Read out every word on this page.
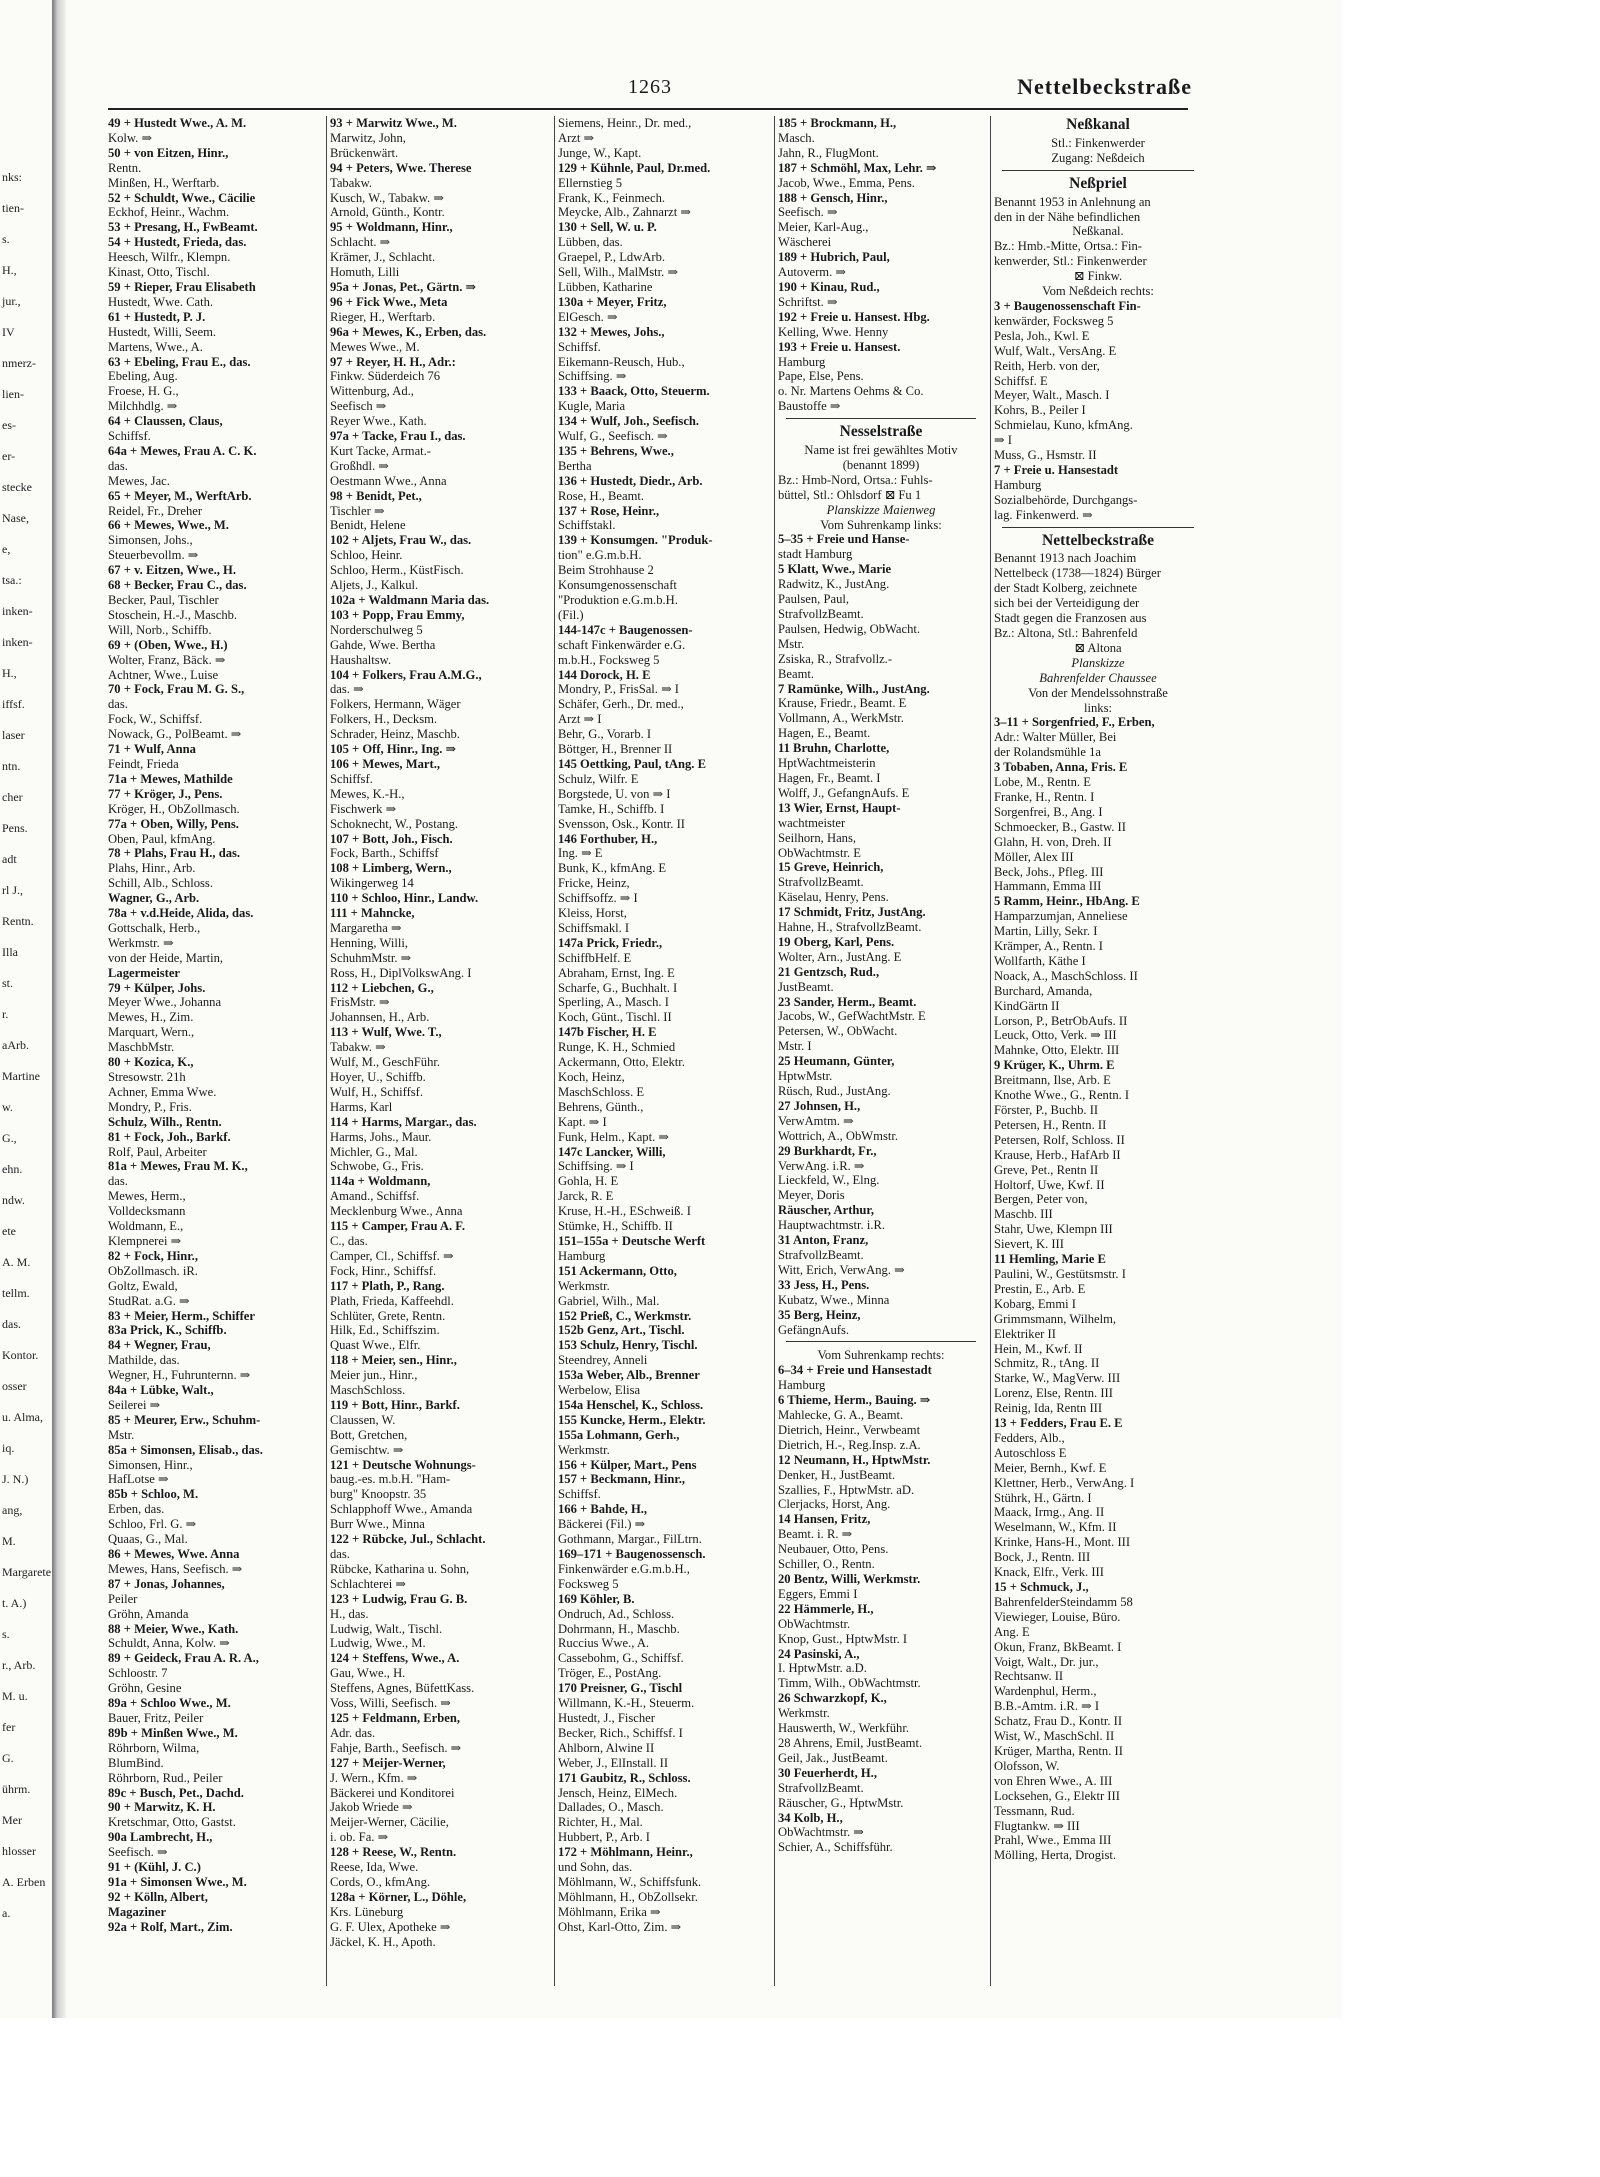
nks:
tien-
s.
H.,
jur.,
IV
nmerz-
lien-
es-
er-
stecke
Nase,
e,
tsa.:
inken-
inken-
H.,
iffsf.
laser
ntn.
cher
Pens.
adt
rl J.,
Rentn.
Illa
st.
r.
aArb.
Martine
w.
G.,
ehn.
ndw.
ete
A. M.
tellm.
das.
Kontor.
osser
u. Alma,
iq.
J. N.)
ang,
M.
Margarete
t. A.)
s.
r., Arb.
M. u.
fer
G.
ührm.
Mer
hlosser
A. Erben
a.
1263	Nettelbeckstraße
49 + Hustedt Wwe., A. M.
Kolw. ⇒
50 + von Eitzen, Hinr.,
Rentn.
Minßen, H., Werftarb.
52 + Schuldt, Wwe., Cäcilie
Eckhof, Heinr., Wachm.
53 + Presang, H., FwBeamt.
54 + Hustedt, Frieda, das.
Heesch, Wilfr., Klempn.
Kinast, Otto, Tischl.
59 + Rieper, Frau Elisabeth
Hustedt, Wwe. Cath.
61 + Hustedt, P. J.
Hustedt, Willi, Seem.
Martens, Wwe., A.
63 + Ebeling, Frau E., das.
Ebeling, Aug.
Froese, H. G.,
Milchhdlg. ⇒
64 + Claussen, Claus,
Schiffsf.
64a + Mewes, Frau A. C. K.
das.
Mewes, Jac.
65 + Meyer, M., WerftArb.
Reidel, Fr., Dreher
66 + Mewes, Wwe., M.
Simonsen, Johs.,
Steuerbevollm. ⇒
67 + v. Eitzen, Wwe., H.
68 + Becker, Frau C., das.
Becker, Paul, Tischler
Stoschein, H.-J., Maschb.
Will, Norb., Schiffb.
69 + (Oben, Wwe., H.)
Wolter, Franz, Bäck. ⇒
Achtner, Wwe., Luise
70 + Fock, Frau M. G. S.,
das.
Fock, W., Schiffsf.
Nowack, G., PolBeamt. ⇒
71 + Wulf, Anna
Feindt, Frieda
71a + Mewes, Mathilde
77 + Kröger, J., Pens.
Kröger, H., ObZollmasch.
77a + Oben, Willy, Pens.
Oben, Paul, kfmAng.
78 + Plahs, Frau H., das.
Plahs, Hinr., Arb.
Schill, Alb., Schloss.
Wagner, G., Arb.
78a + v.d.Heide, Alida, das.
Gottschalk, Herb.,
Werkmstr. ⇒
von der Heide, Martin,
Lagermeister
79 + Külper, Johs.
Meyer Wwe., Johanna
Mewes, H., Zim.
Marquart, Wern.,
MaschbMstr.
80 + Kozica, K.,
Stresowstr. 21h
Achner, Emma Wwe.
Mondry, P., Fris.
Schulz, Wilh., Rentn.
81 + Fock, Joh., Barkf.
Rolf, Paul, Arbeiter
81a + Mewes, Frau M. K.,
das.
Mewes, Herm.,
Volldecksmann
Woldmann, E.,
Klempnerei ⇒
82 + Fock, Hinr.,
ObZollmasch. iR.
Goltz, Ewald,
StudRat. a.G. ⇒
83 + Meier, Herm., Schiffer
83a Prick, K., Schiffb.
84 + Wegner, Frau,
Mathilde, das.
Wegner, H., Fuhrunternn. ⇒
84a + Lübke, Walt.,
Seilerei ⇒
85 + Meurer, Erw., Schuhm-
Mstr.
85a + Simonsen, Elisab., das.
Simonsen, Hinr.,
HafLotse ⇒
85b + Schloo, M.
Erben, das.
Schloo, Frl. G. ⇒
Quaas, G., Mal.
86 + Mewes, Wwe. Anna
Mewes, Hans, Seefisch. ⇒
87 + Jonas, Johannes,
Peiler
Gröhn, Amanda
88 + Meier, Wwe., Kath.
Schuldt, Anna, Kolw. ⇒
89 + Geideck, Frau A. R. A.,
Schloostr. 7
Gröhn, Gesine
89a + Schloo Wwe., M.
Bauer, Fritz, Peiler
89b + Minßen Wwe., M.
Röhrborn, Wilma,
BlumBind.
Röhrborn, Rud., Peiler
89c + Busch, Pet., Dachd.
90 + Marwitz, K. H.
Kretschmar, Otto, Gastst.
90a Lambrecht, H.,
Seefisch. ⇒
91 + (Kühl, J. C.)
91a + Simonsen Wwe., M.
92 + Kölln, Albert,
Magaziner
92a + Rolf, Mart., Zim.
93 + Marwitz Wwe., M.
Marwitz, John,
Brückenwärt.
94 + Peters, Wwe. Therese
Tabakw.
Kusch, W., Tabakw. ⇒
Arnold, Günth., Kontr.
95 + Woldmann, Hinr.,
Schlacht. ⇒
Krämer, J., Schlacht.
Homuth, Lilli
95a + Jonas, Pet., Gärtn. ⇒
96 + Fick Wwe., Meta
Rieger, H., Werftarb.
96a + Mewes, K., Erben, das.
Mewes Wwe., M.
97 + Reyer, H. H., Adr.:
Finkw. Süderdeich 76
Wittenburg, Ad.,
Seefisch ⇒
Reyer Wwe., Kath.
97a + Tacke, Frau I., das.
Kurt Tacke, Armat.-
Großhdl. ⇒
Oestmann Wwe., Anna
98 + Benidt, Pet.,
Tischler ⇒
Benidt, Helene
102 + Aljets, Frau W., das.
Schloo, Heinr.
Schloo, Herm., KüstFisch.
Aljets, J., Kalkul.
102a + Waldmann Maria das.
103 + Popp, Frau Emmy,
Norderschulweg 5
Gahde, Wwe. Bertha
Haushaltsw.
104 + Folkers, Frau A.M.G.,
das. ⇒
Folkers, Hermann, Wäger
Folkers, H., Decksm.
Schrader, Heinz, Maschb.
105 + Off, Hinr., Ing. ⇒
106 + Mewes, Mart.,
Schiffsf.
Mewes, K.-H.,
Fischwerk ⇒
Schoknecht, W., Postang.
107 + Bott, Joh., Fisch.
Fock, Barth., Schiffsf
108 + Limberg, Wern.,
Wikingerweg 14
110 + Schloo, Hinr., Landw.
111 + Mahncke,
Margaretha ⇒
Henning, Willi,
SchuhmMstr. ⇒
Ross, H., DiplVolkswAng. I
112 + Liebchen, G.,
FrisMstr. ⇒
Johannsen, H., Arb.
113 + Wulf, Wwe. T.,
Tabakw. ⇒
Wulf, M., GeschFühr.
Hoyer, U., Schiffb.
Wulf, H., Schiffsf.
Harms, Karl
114 + Harms, Margar., das.
Harms, Johs., Maur.
Michler, G., Mal.
Schwobe, G., Fris.
114a + Woldmann,
Amand., Schiffsf.
Mecklenburg Wwe., Anna
115 + Camper, Frau A. F.
C., das.
Camper, Cl., Schiffsf. ⇒
Fock, Hinr., Schiffsf.
117 + Plath, P., Rang.
Plath, Frieda, Kaffeehdl.
Schlüter, Grete, Rentn.
Hilk, Ed., Schiffszim.
Quast Wwe., Elfr.
118 + Meier, sen., Hinr.,
Meier jun., Hinr.,
MaschSchloss.
119 + Bott, Hinr., Barkf.
Claussen, W.
Bott, Gretchen,
Gemischtw. ⇒
121 + Deutsche Wohnungs-
baug.-es. m.b.H. "Ham-
burg" Knoopstr. 35
Schlapphoff Wwe., Amanda
Burr Wwe., Minna
122 + Rübcke, Jul., Schlacht.
das.
Rübcke, Katharina u. Sohn,
Schlachterei ⇒
123 + Ludwig, Frau G. B.
H., das.
Ludwig, Walt., Tischl.
Ludwig, Wwe., M.
124 + Steffens, Wwe., A.
Gau, Wwe., H.
Steffens, Agnes, BüfettKass.
Voss, Willi, Seefisch. ⇒
125 + Feldmann, Erben,
Adr. das.
Fahje, Barth., Seefisch. ⇒
127 + Meijer-Werner,
J. Wern., Kfm. ⇒
Bäckerei und Konditorei
Jakob Wriede ⇒
Meijer-Werner, Cäcilie,
i. ob. Fa. ⇒
128 + Reese, W., Rentn.
Reese, Ida, Wwe.
Cords, O., kfmAng.
128a + Körner, L., Döhle,
Krs. Lüneburg
G. F. Ulex, Apotheke ⇒
Jäckel, K. H., Apoth.
Siemens, Heinr., Dr. med.,
Arzt ⇒
Junge, W., Kapt.
129 + Kühnle, Paul, Dr.med.
Ellernstieg 5
Frank, K., Feinmech.
Meycke, Alb., Zahnarzt ⇒
130 + Sell, W. u. P.
Lübben, das.
Graepel, P., LdwArb.
Sell, Wilh., MalMstr. ⇒
Lübben, Katharine
130a + Meyer, Fritz,
ElGesch. ⇒
132 + Mewes, Johs.,
Schiffsf.
Eikemann-Reusch, Hub.,
Schiffsing. ⇒
133 + Baack, Otto, Steuerm.
Kugle, Maria
134 + Wulf, Joh., Seefisch.
Wulf, G., Seefisch. ⇒
135 + Behrens, Wwe.,
Bertha
136 + Hustedt, Diedr., Arb.
Rose, H., Beamt.
137 + Rose, Heinr.,
Schiffstakl.
139 + Konsumgen. "Produk-
tion" e.G.m.b.H.
Beim Strohhause 2
Konsumgenossenschaft
"Produktion e.G.m.b.H.
(Fil.)
144-147c + Baugenossen-
schaft Finkenwärder e.G.
m.b.H., Focksweg 5
144 Dorock, H. E
Mondry, P., FrisSal. ⇒ I
Schäfer, Gerh., Dr. med.,
Arzt ⇒ I
Behr, G., Vorarb. I
Böttger, H., Brenner II
145 Oettking, Paul, tAng. E
Schulz, Wilfr. E
Borgstede, U. von ⇒ I
Tamke, H., Schiffb. I
Svensson, Osk., Kontr. II
146 Forthuber, H.,
Ing. ⇒ E
Bunk, K., kfmAng. E
Fricke, Heinz,
Schiffsoffz. ⇒ I
Kleiss, Horst,
Schiffsmakl. I
147a Prick, Friedr.,
SchiffbHelf. E
Abraham, Ernst, Ing. E
Scharfe, G., Buchhalt. I
Sperling, A., Masch. I
Koch, Günt., Tischl. II
147b Fischer, H. E
Runge, K. H., Schmied
Ackermann, Otto, Elektr.
Koch, Heinz,
MaschSchloss. E
Behrens, Günth.,
Kapt. ⇒ I
Funk, Helm., Kapt. ⇒
147c Lancker, Willi,
Schiffsing. ⇒ I
Gohla, H. E
Jarck, R. E
Kruse, H.-H., ESchweiß. I
Stümke, H., Schiffb. II
151–155a + Deutsche Werft
Hamburg
151 Ackermann, Otto,
Werkmstr.
Gabriel, Wilh., Mal.
152 Prieß, C., Werkmstr.
152b Genz, Art., Tischl.
153 Schulz, Henry, Tischl.
Steendrey, Anneli
153a Weber, Alb., Brenner
Werbelow, Elisa
154a Henschel, K., Schloss.
155 Kuncke, Herm., Elektr.
155a Lohmann, Gerh.,
Werkmstr.
156 + Külper, Mart., Pens
157 + Beckmann, Hinr.,
Schiffsf.
166 + Bahde, H.,
Bäckerei (Fil.) ⇒
Gothmann, Margar., FilLtrn.
169–171 + Baugenossensch.
Finkenwärder e.G.m.b.H.,
Focksweg 5
169 Köhler, B.
Ondruch, Ad., Schloss.
Dohrmann, H., Maschb.
Ruccius Wwe., A.
Cassebohm, G., Schiffsf.
Tröger, E., PostAng.
170 Preisner, G., Tischl
Willmann, K.-H., Steuerm.
Hustedt, J., Fischer
Becker, Rich., Schiffsf. I
Ahlborn, Alwine II
Weber, J., ElInstall. II
171 Gaubitz, R., Schloss.
Jensch, Heinz, ElMech.
Dallades, O., Masch.
Richter, H., Mal.
Hubbert, P., Arb. I
172 + Möhlmann, Heinr.,
und Sohn, das.
Möhlmann, W., Schiffsfunk.
Möhlmann, H., ObZollsekr.
Möhlmann, Erika ⇒
Ohst, Karl-Otto, Zim. ⇒
185 + Brockmann, H.,
Masch.
Jahn, R., FlugMont.
187 + Schmöhl, Max, Lehr. ⇒
Jacob, Wwe., Emma, Pens.
188 + Gensch, Hinr.,
Seefisch. ⇒
Meier, Karl-Aug.,
Wäscherei
189 + Hubrich, Paul,
Autoverm. ⇒
190 + Kinau, Rud.,
Schriftst. ⇒
192 + Freie u. Hansest. Hbg.
Kelling, Wwe. Henny
193 + Freie u. Hansest.
Hamburg
Pape, Else, Pens.
o. Nr. Martens Oehms & Co.
Baustoffe ⇒
Nesselstraße
Name ist frei gewähltes Motiv
(benannt 1899)
Bz.: Hmb-Nord, Ortsa.: Fuhls-
büttel, Stl.: Ohlsdorf ⊠ Fu 1
Planskizze Maienweg
Vom Suhrenkamp links:
5–35 + Freie und Hanse-
stadt Hamburg
5 Klatt, Wwe., Marie
Radwitz, K., JustAng.
Paulsen, Paul,
StrafvollzBeamt.
Paulsen, Hedwig, ObWacht.
Mstr.
Zsiska, R., Strafvollz.-
Beamt.
7 Ramünke, Wilh., JustAng.
Krause, Friedr., Beamt. E
Vollmann, A., WerkMstr.
Hagen, E., Beamt.
11 Bruhn, Charlotte,
HptWachtmeisterin
Hagen, Fr., Beamt. I
Wolff, J., GefangnAufs. E
13 Wier, Ernst, Haupt-
wachtmeister
Seilhorn, Hans,
ObWachtmstr. E
15 Greve, Heinrich,
StrafvollzBeamt.
Käselau, Henry, Pens.
17 Schmidt, Fritz, JustAng.
Hahne, H., StrafvollzBeamt.
19 Oberg, Karl, Pens.
Wolter, Arn., JustAng. E
21 Gentzsch, Rud.,
JustBeamt.
23 Sander, Herm., Beamt.
Jacobs, W., GefWachtMstr. E
Petersen, W., ObWacht.
Mstr. I
25 Heumann, Günter,
HptwMstr.
Rüsch, Rud., JustAng.
27 Johnsen, H.,
VerwAmtm. ⇒
Wottrich, A., ObWmstr.
29 Burkhardt, Fr.,
VerwAng. i.R. ⇒
Lieckfeld, W., Elng.
Meyer, Doris
Räuscher, Arthur,
Hauptwachtmstr. i.R.
31 Anton, Franz,
StrafvollzBeamt.
Witt, Erich, VerwAng. ⇒
33 Jess, H., Pens.
Kubatz, Wwe., Minna
35 Berg, Heinz,
GefängnAufs.
Vom Suhrenkamp rechts:
6–34 + Freie und Hansestadt
Hamburg
6 Thieme, Herm., Bauing. ⇒
Mahlecke, G. A., Beamt.
Dietrich, Heinr., Verwbeamt
Dietrich, H.-, Reg.Insp. z.A.
12 Neumann, H., HptwMstr.
Denker, H., JustBeamt.
Szallies, F., HptwMstr. aD.
Clerjacks, Horst, Ang.
14 Hansen, Fritz,
Beamt. i. R. ⇒
Neubauer, Otto, Pens.
Schiller, O., Rentn.
20 Bentz, Willi, Werkmstr.
Eggers, Emmi I
22 Hämmerle, H.,
ObWachtmstr.
Knop, Gust., HptwMstr. I
24 Pasinski, A.,
I. HptwMstr. a.D.
Timm, Wilh., ObWachtmstr.
26 Schwarzkopf, K.,
Werkmstr.
Hauswerth, W., Werkführ.
28 Ahrens, Emil, JustBeamt.
Geil, Jak., JustBeamt.
30 Feuerherdt, H.,
StrafvollzBeamt.
Räuscher, G., HptwMstr.
34 Kolb, H.,
ObWachtmstr. ⇒
Schier, A., Schiffsführ.
Neßkanal
Stl.: Finkenwerder
Zugang: Neßdeich
Neßpriel
Benannt 1953 in Anlehnung an
den in der Nähe befindlichen
Neßkanal.
Bz.: Hmb.-Mitte, Ortsa.: Fin-
kenwerder, Stl.: Finkenwerder
⊠ Finkw.
Vom Neßdeich rechts:
3 + Baugenossenschaft Fin-
kenwärder, Focksweg 5
Pesla, Joh., Kwl. E
Wulf, Walt., VersAng. E
Reith, Herb. von der,
Schiffsf. E
Meyer, Walt., Masch. I
Kohrs, B., Peiler I
Schmielau, Kuno, kfmAng.
⇒ I
Muss, G., Hsmstr. II
7 + Freie u. Hansestadt
Hamburg
Sozialbehörde, Durchgangs-
lag. Finkenwerd. ⇒
Nettelbeckstraße
Benannt 1913 nach Joachim
Nettelbeck (1738—1824) Bürger
der Stadt Kolberg, zeichnete
sich bei der Verteidigung der
Stadt gegen die Franzosen aus
Bz.: Altona, Stl.: Bahrenfeld
⊠ Altona
Planskizze
Bahrenfelder Chaussee
Von der Mendelssohnstraße
links:
3–11 + Sorgenfried, F., Erben,
Adr.: Walter Müller, Bei
der Rolandsmühle 1a
3 Tobaben, Anna, Fris. E
Lobe, M., Rentn. E
Franke, H., Rentn. I
Sorgenfrei, B., Ang. I
Schmoecker, B., Gastw. II
Glahn, H. von, Dreh. II
Möller, Alex III
Beck, Johs., Pfleg. III
Hammann, Emma III
5 Ramm, Heinr., HbAng. E
Hamparzumjan, Anneliese
Martin, Lilly, Sekr. I
Krämper, A., Rentn. I
Wollfarth, Käthe I
Noack, A., MaschSchloss. II
Burchard, Amanda,
KindGärtn II
Lorson, P., BetrObAufs. II
Leuck, Otto, Verk. ⇒ III
Mahnke, Otto, Elektr. III
9 Krüger, K., Uhrm. E
Breitmann, Ilse, Arb. E
Knothe Wwe., G., Rentn. I
Förster, P., Buchb. II
Petersen, H., Rentn. II
Petersen, Rolf, Schloss. II
Krause, Herb., HafArb II
Greve, Pet., Rentn II
Holtorf, Uwe, Kwf. II
Bergen, Peter von,
Maschb. III
Stahr, Uwe, Klempn III
Sievert, K. III
11 Hemling, Marie E
Paulini, W., Gestütsmstr. I
Prestin, E., Arb. E
Kobarg, Emmi I
Grimmsmann, Wilhelm,
Elektriker II
Hein, M., Kwf. II
Schmitz, R., tAng. II
Starke, W., MagVerw. III
Lorenz, Else, Rentn. III
Reinig, Ida, Rentn III
13 + Fedders, Frau E. E
Fedders, Alb.,
Autoschloss E
Meier, Bernh., Kwf. E
Klettner, Herb., VerwAng. I
Stührk, H., Gärtn. I
Maack, Irmg., Ang. II
Weselmann, W., Kfm. II
Krinke, Hans-H., Mont. III
Bock, J., Rentn. III
Knack, Elfr., Verk. III
15 + Schmuck, J.,
BahrenfelderSteindamm 58
Viewieger, Louise, Büro.
Ang. E
Okun, Franz, BkBeamt. I
Voigt, Walt., Dr. jur.,
Rechtsanw. II
Wardenphul, Herm.,
B.B.-Amtm. i.R. ⇒ I
Schatz, Frau D., Kontr. II
Wist, W., MaschSchl. II
Krüger, Martha, Rentn. II
Olofsson, W.
von Ehren Wwe., A. III
Locksehen, G., Elektr III
Tessmann, Rud.
Flugtankw. ⇒ III
Prahl, Wwe., Emma III
Mölling, Herta, Drogist.
